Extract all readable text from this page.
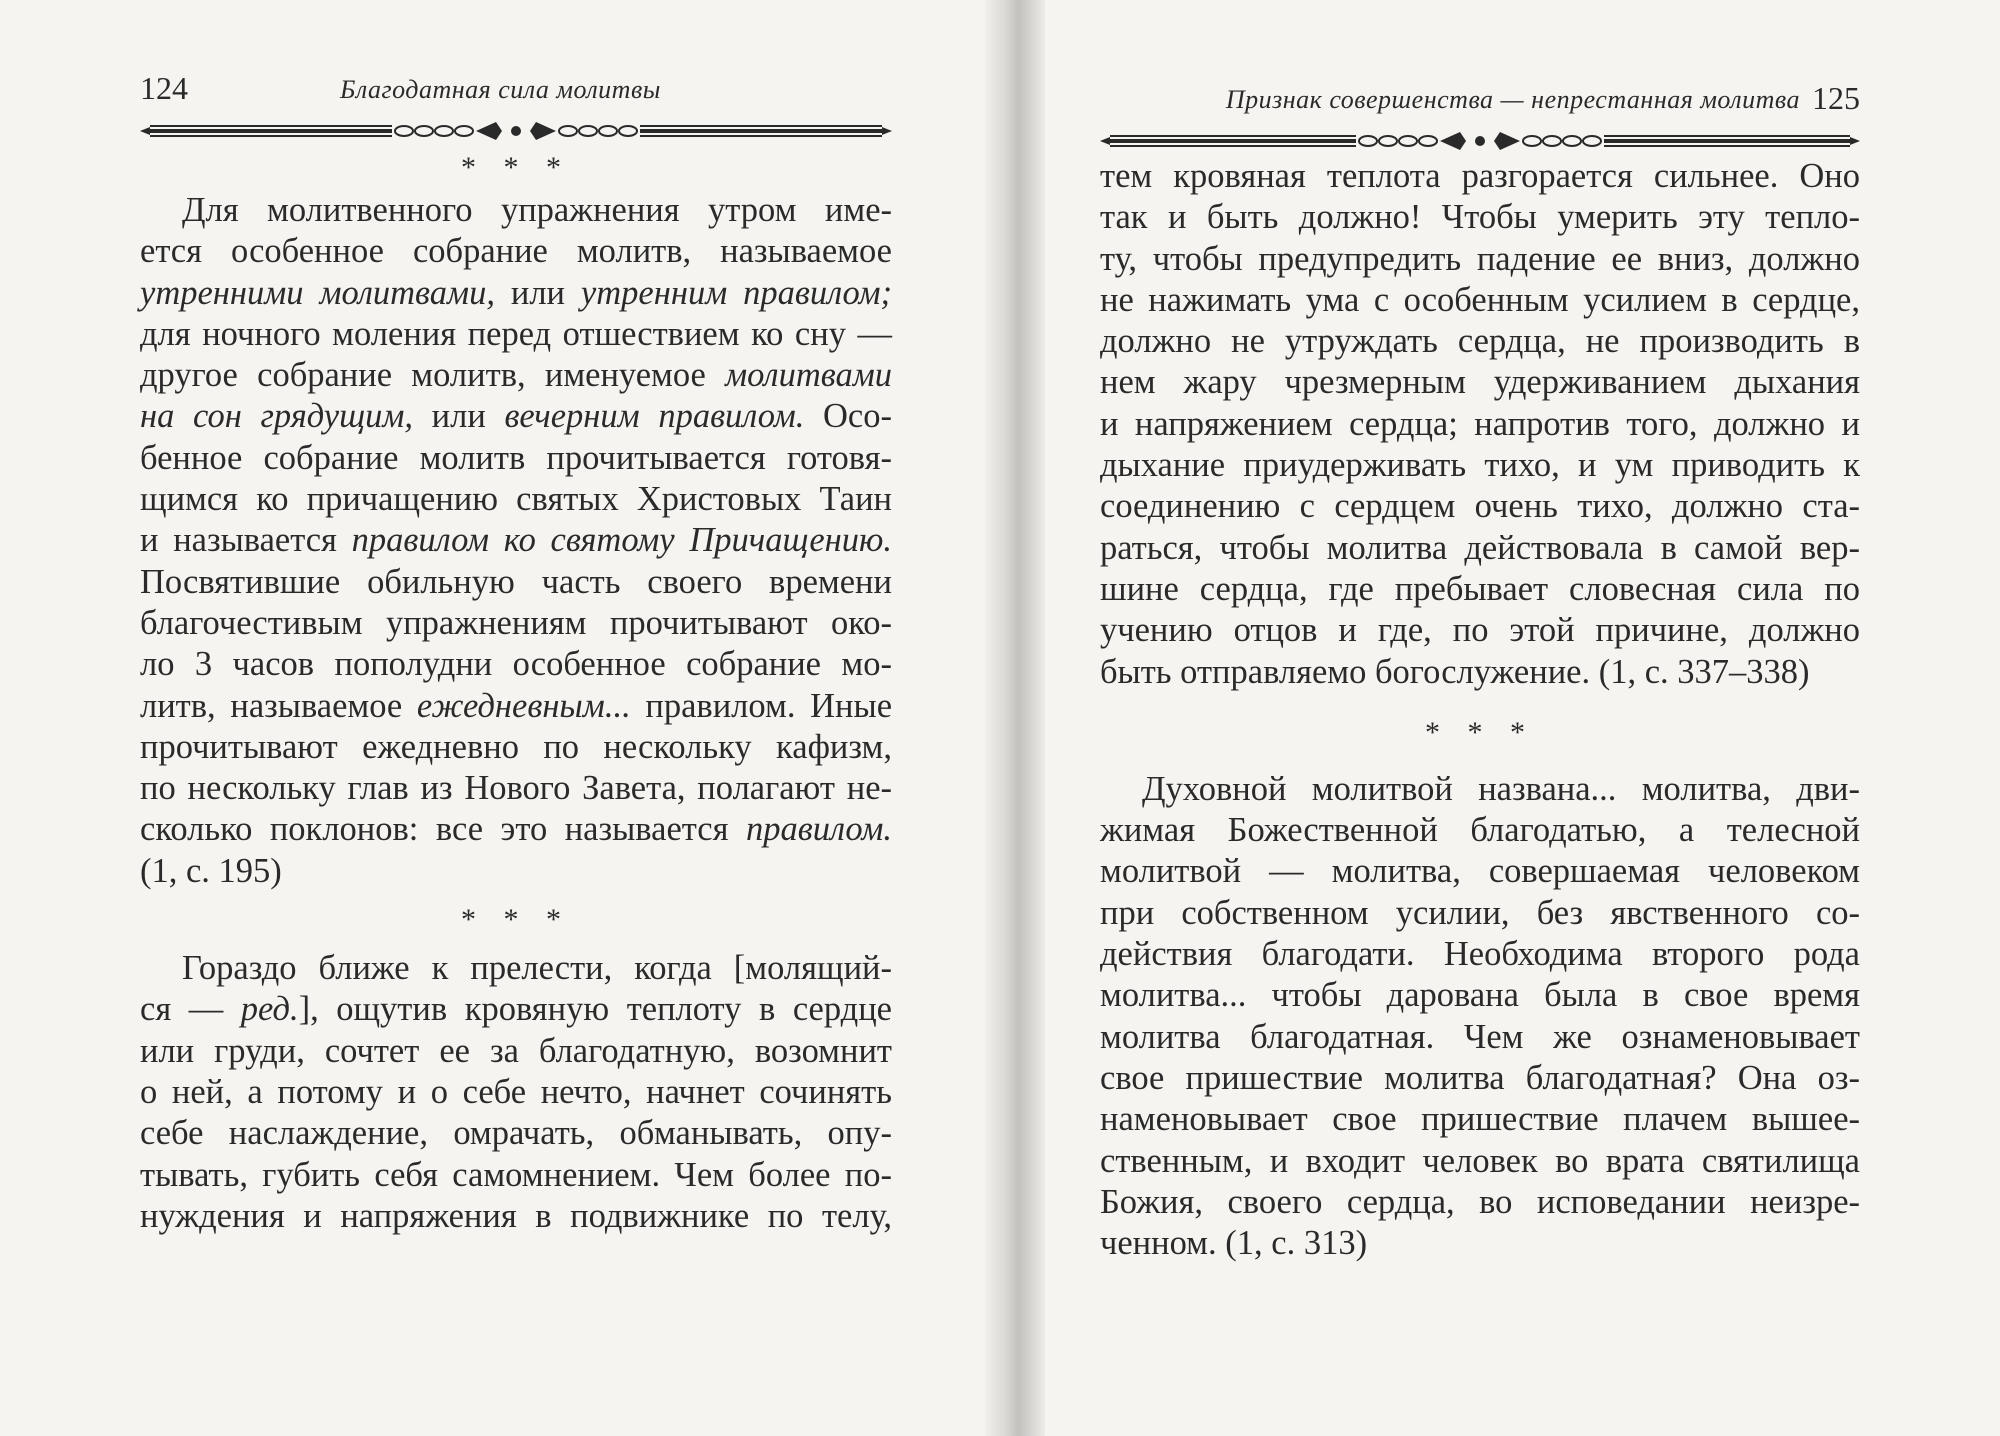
124	Благодатная сила молитвы
* * *
Для молитвенного упражнения утром име-
ется особенное собрание молитв, называемое
утренними молитвами, или утренним правилом;
для ночного моления перед отшествием ко сну —
другое собрание молитв, именуемое молитвами
на сон грядущим, или вечерним правилом. Осо-
бенное собрание молитв прочитывается готовя-
щимся ко причащению святых Христовых Таин
и называется правилом ко святому Причащению.
Посвятившие обильную часть своего времени
благочестивым упражнениям прочитывают око-
ло 3 часов пополудни особенное собрание мо-
литв, называемое ежедневным... правилом. Иные
прочитывают ежедневно по нескольку кафизм,
по нескольку глав из Нового Завета, полагают не-
сколько поклонов: все это называется правилом.
(1, с. 195)
* * *
Гораздо ближе к прелести, когда [молящий-
ся — ред.], ощутив кровяную теплоту в сердце
или груди, сочтет ее за благодатную, возомнит
о ней, а потому и о себе нечто, начнет сочинять
себе наслаждение, омрачать, обманывать, опу-
тывать, губить себя самомнением. Чем более по-
нуждения и напряжения в подвижнике по телу,
Признак совершенства — непрестанная молитва 125
тем кровяная теплота разгорается сильнее. Оно
так и быть должно! Чтобы умерить эту тепло-
ту, чтобы предупредить падение ее вниз, должно
не нажимать ума с особенным усилием в сердце,
должно не утруждать сердца, не производить в
нем жару чрезмерным удерживанием дыхания
и напряжением сердца; напротив того, должно и
дыхание приудерживать тихо, и ум приводить к
соединению с сердцем очень тихо, должно ста-
раться, чтобы молитва действовала в самой вер-
шине сердца, где пребывает словесная сила по
учению отцов и где, по этой причине, должно
быть отправляемо богослужение. (1, с. 337–338)
* * *
Духовной молитвой названа... молитва, дви-
жимая Божественной благодатью, а телесной
молитвой — молитва, совершаемая человеком
при собственном усилии, без явственного со-
действия благодати. Необходима второго рода
молитва... чтобы дарована была в свое время
молитва благодатная. Чем же ознаменовывает
свое пришествие молитва благодатная? Она оз-
наменовывает свое пришествие плачем вышее-
ственным, и входит человек во врата святилища
Божия, своего сердца, во исповедании неизре-
ченном. (1, с. 313)
